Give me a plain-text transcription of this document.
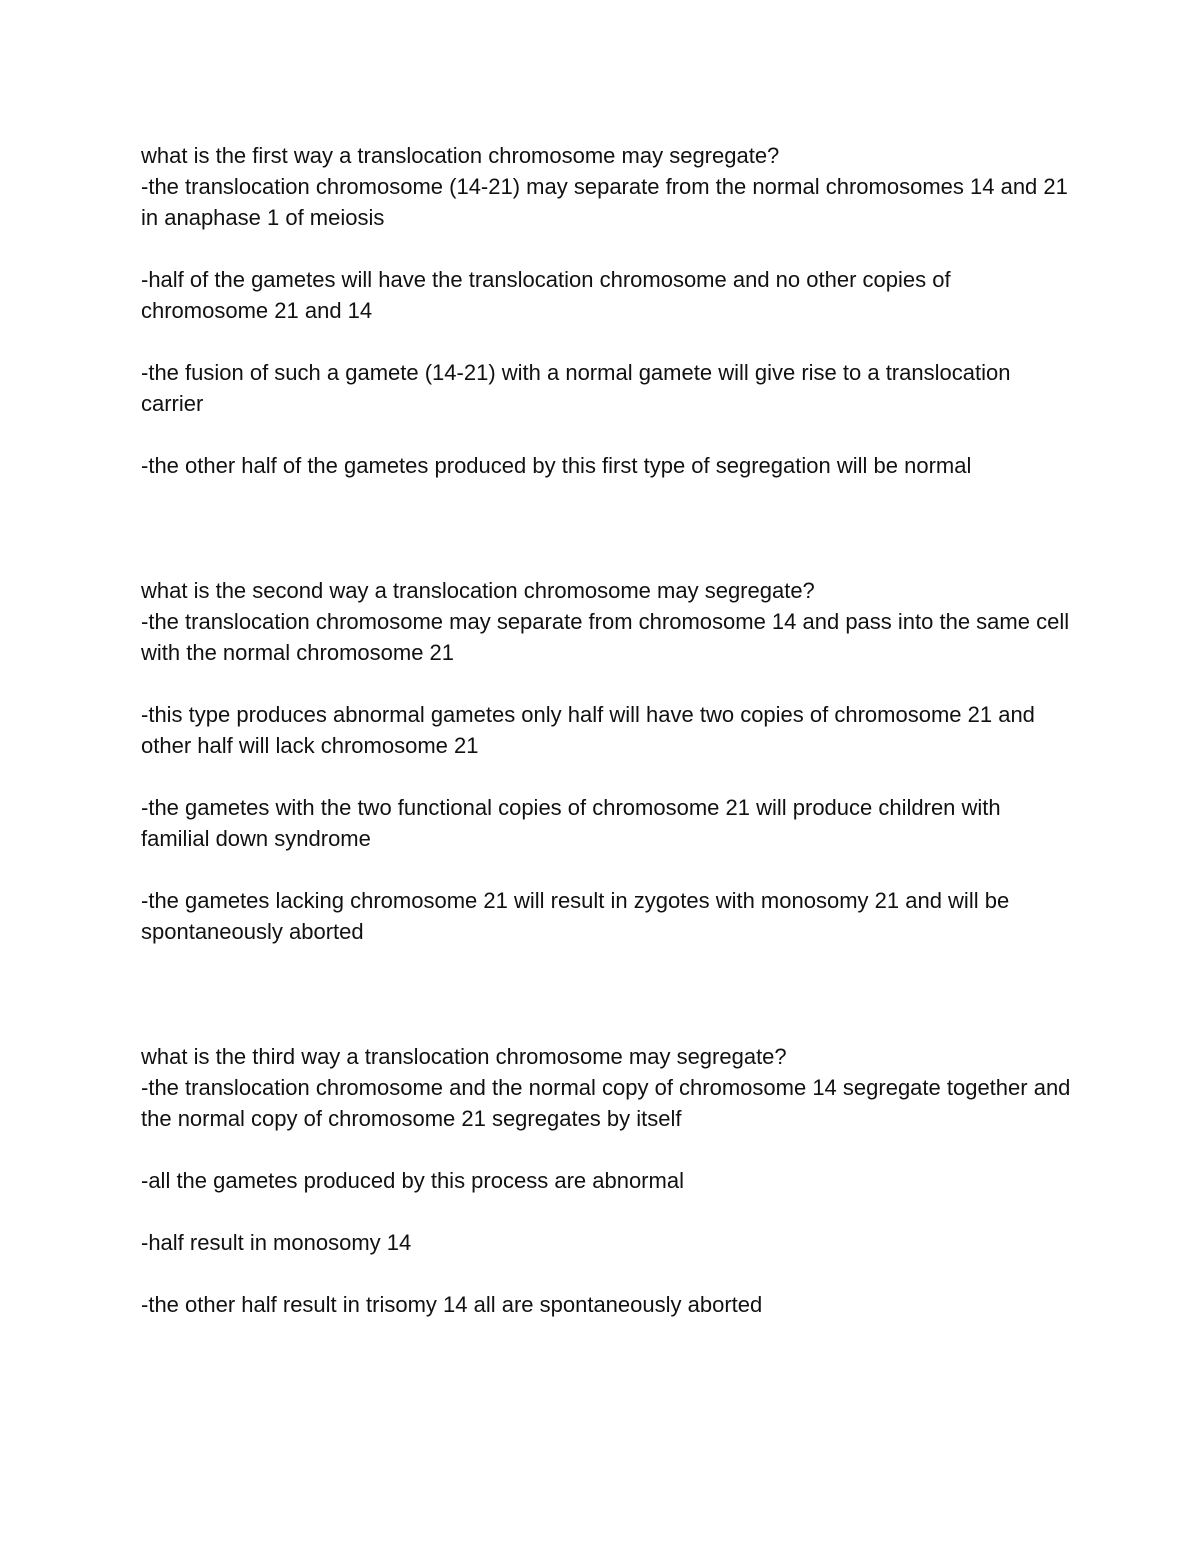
what is the first way a translocation chromosome may segregate?

-the translocation chromosome (14-21) may separate from the normal chromosomes 14 and 21 in anaphase 1 of meiosis

-half of the gametes will have the translocation chromosome and no other copies of chromosome 21 and 14

-the fusion of such a gamete (14-21) with a normal gamete will give rise to a translocation carrier

-the other half of the gametes produced by this first type of segregation will be normal

what is the second way a translocation chromosome may segregate?

-the translocation chromosome may separate from chromosome 14 and pass into the same cell with the normal chromosome 21

-this type produces abnormal gametes only half will have two copies of chromosome 21 and other half will lack chromosome 21

-the gametes with the two functional copies of chromosome 21 will produce children with familial down syndrome

-the gametes lacking chromosome 21 will result in zygotes with monosomy 21 and will be spontaneously aborted

what is the third way a translocation chromosome may segregate?

-the translocation chromosome and the normal copy of chromosome 14 segregate together and the normal copy of chromosome 21 segregates by itself

-all the gametes produced by this process are abnormal

-half result in monosomy 14

-the other half result in trisomy 14 all are spontaneously aborted
